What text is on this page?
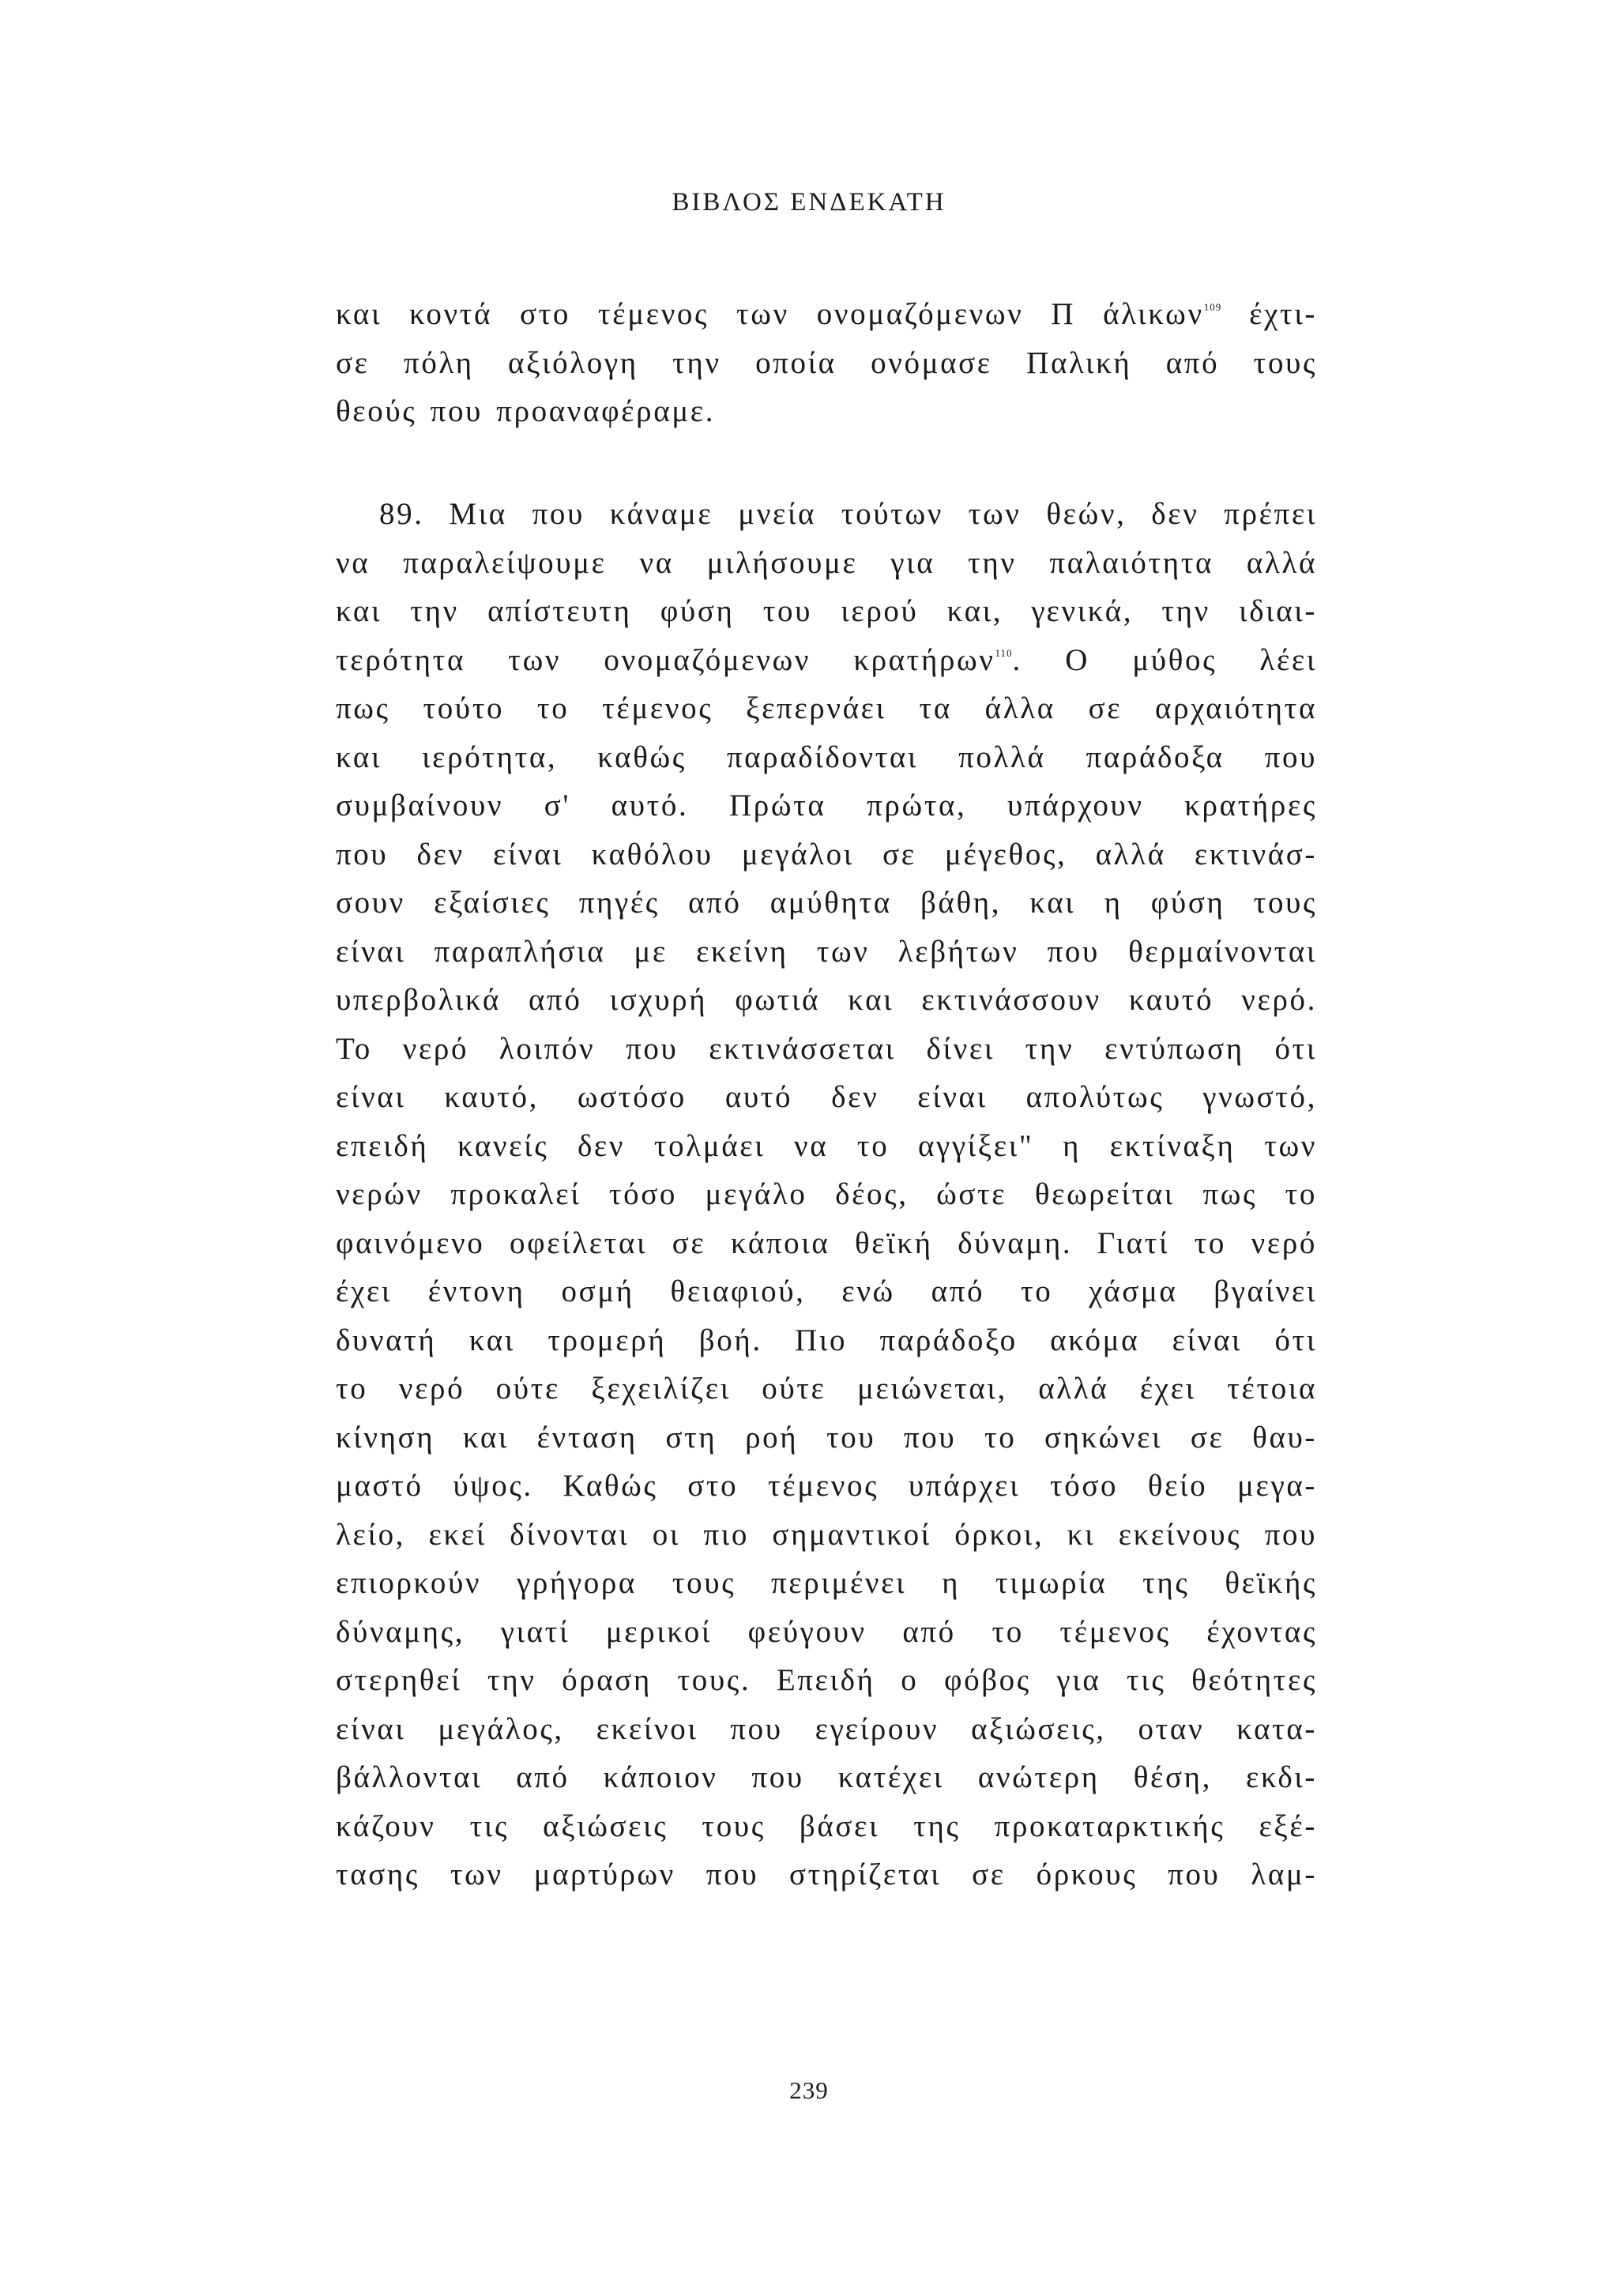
ΒΙΒΛΟΣ ΕΝΔΕΚΑΤΗ
και κοντά στο τέμενος των ονομαζόμενων Π άλικων$^{109}$ έχτι-
σε πόλη αξιόλογη την οποία ονόμασε Παλική από τους
θεούς που προαναφέραμε.
89. Μια που κάναμε μνεία τούτων των θεών, δεν πρέπει
να παραλείψουμε να μιλήσουμε για την παλαιότητα αλλά
και την απίστευτη φύση του ιερού και, γενικά, την ιδιαι-
τερότητα των ονομαζόμενων κρατήρων$^{110}$. Ο μύθος λέει
πως τούτο το τέμενος ξεπερνάει τα άλλα σε αρχαιότητα
και ιερότητα, καθώς παραδίδονται πολλά παράδοξα που
συμβαίνουν σ' αυτό. Πρώτα πρώτα, υπάρχουν κρατήρες
που δεν είναι καθόλου μεγάλοι σε μέγεθος, αλλά εκτινάσ-
σουν εξαίσιες πηγές από αμύθητα βάθη, και η φύση τους
είναι παραπλήσια με εκείνη των λεβήτων που θερμαίνονται
υπερβολικά από ισχυρή φωτιά και εκτινάσσουν καυτό νερό.
Το νερό λοιπόν που εκτινάσσεται δίνει την εντύπωση ότι
είναι καυτό, ωστόσο αυτό δεν είναι απολύτως γνωστό,
επειδή κανείς δεν τολμάει να το αγγίξει" η εκτίναξη των
νερών προκαλεί τόσο μεγάλο δέος, ώστε θεωρείται πως το
φαινόμενο οφείλεται σε κάποια θεϊκή δύναμη. Γιατί το νερό
έχει έντονη οσμή θειαφιού, ενώ από το χάσμα βγαίνει
δυνατή και τρομερή βοή. Πιο παράδοξο ακόμα είναι ότι
το νερό ούτε ξεχειλίζει ούτε μειώνεται, αλλά έχει τέτοια
κίνηση και ένταση στη ροή του που το σηκώνει σε θαυ-
μαστό ύψος. Καθώς στο τέμενος υπάρχει τόσο θείο μεγα-
λείο, εκεί δίνονται οι πιο σημαντικοί όρκοι, κι εκείνους που
επιορκούν γρήγορα τους περιμένει η τιμωρία της θεϊκής
δύναμης, γιατί μερικοί φεύγουν από το τέμενος έχοντας
στερηθεί την όραση τους. Επειδή ο φόβος για τις θεότητες
είναι μεγάλος, εκείνοι που εγείρουν αξιώσεις, οταν κατα-
βάλλονται από κάποιον που κατέχει ανώτερη θέση, εκδι-
κάζουν τις αξιώσεις τους βάσει της προκαταρκτικής εξέ-
τασης των μαρτύρων που στηρίζεται σε όρκους που λαμ-
239
